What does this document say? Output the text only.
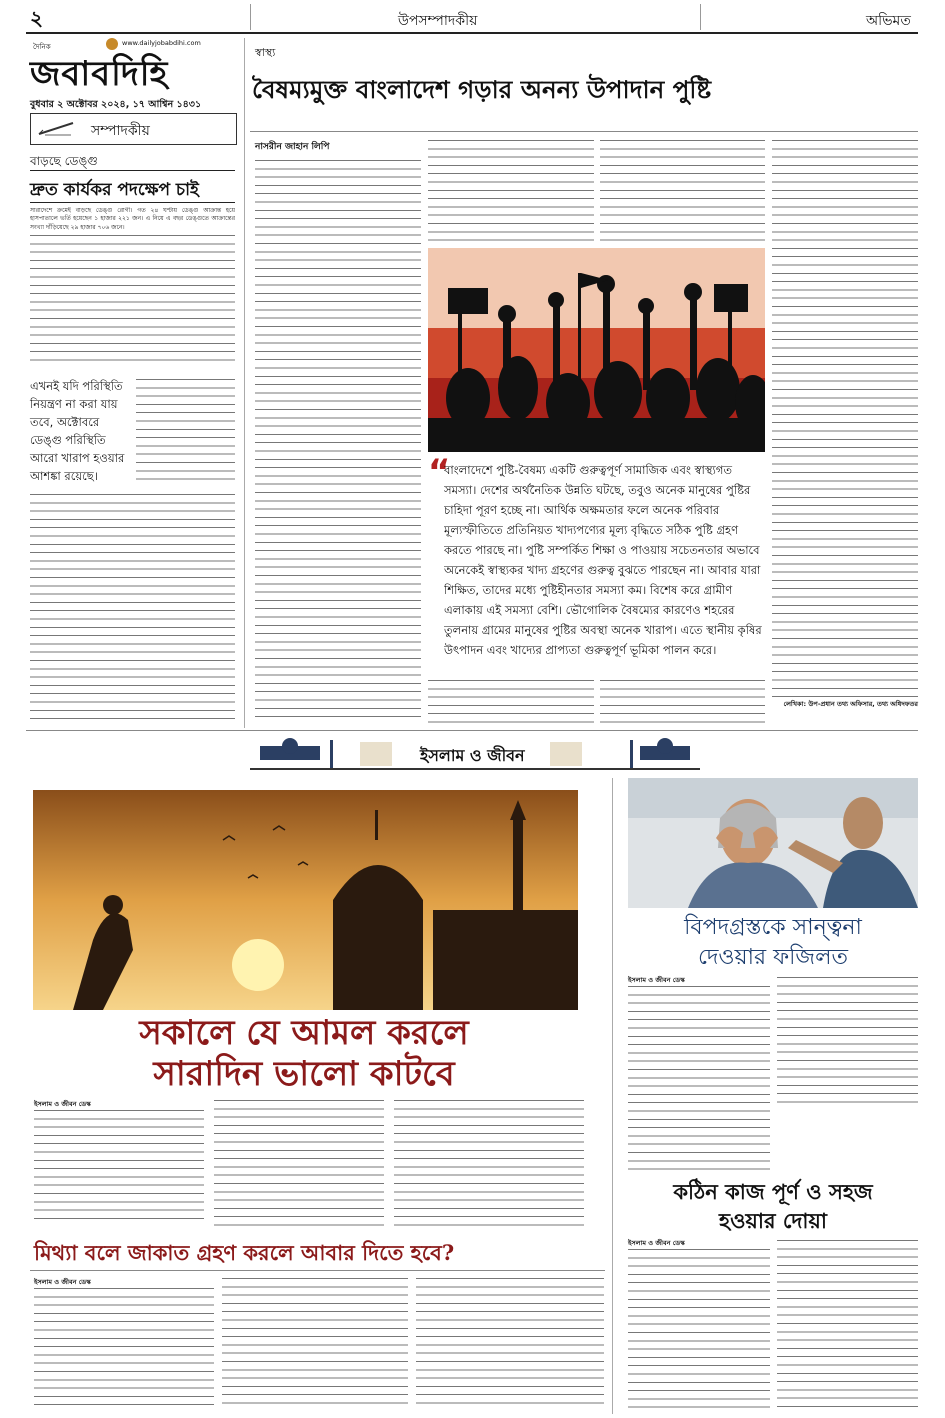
২	উপসম্পাদকীয়	অভিমত
দৈনিক	www.dailyjobabdihi.com
জবাবদিহি
বুধবার ২ অক্টোবর ২০২৪, ১৭ আশ্বিন ১৪৩১
সম্পাদকীয়
বাড়ছে ডেঙ্গু
দ্রুত কার্যকর পদক্ষেপ চাই
সারাদেশে ক্রমেই বাড়ছে ডেঙ্গু রোগী। গত ২৪ ঘণ্টায় ডেঙ্গু আক্রান্ত হয়ে হাসপাতালে ভর্তি হয়েছেন ১ হাজার ২২১ জন। এ নিয়ে এ বছর ডেঙ্গুতে আক্রান্তের সংখ্যা দাঁড়িয়েছে ২৯ হাজার ৭০৬ জনে।
এখনই যদি পরিস্থিতি নিয়ন্ত্রণ না করা যায় তবে, অক্টোবরে ডেঙ্গু পরিস্থিতি আরো খারাপ হওয়ার আশঙ্কা রয়েছে।
স্বাস্থ্য
বৈষম্যমুক্ত বাংলাদেশ গড়ার অনন্য উপাদান পুষ্টি
নাসরীন জাহান লিপি
“
বাংলাদেশে পুষ্টি-বৈষম্য একটি গুরুত্বপূর্ণ সামাজিক এবং স্বাস্থ্যগত সমস্যা। দেশের অর্থনৈতিক উন্নতি ঘটছে, তবুও অনেক মানুষের পুষ্টির চাহিদা পূরণ হচ্ছে না। আর্থিক অক্ষমতার ফলে অনেক পরিবার মূল্যস্ফীতিতে প্রতিনিয়ত খাদ্যপণ্যের মূল্য বৃদ্ধিতে সঠিক পুষ্টি গ্রহণ করতে পারছে না। পুষ্টি সম্পর্কিত শিক্ষা ও পাওয়ায় সচেতনতার অভাবে অনেকেই স্বাস্থ্যকর খাদ্য গ্রহণের গুরুত্ব বুঝতে পারছেন না। আবার যারা শিক্ষিত, তাদের মধ্যে পুষ্টিহীনতার সমস্যা কম। বিশেষ করে গ্রামীণ এলাকায় এই সমস্যা বেশি। ভৌগোলিক বৈষম্যের কারণেও শহরের তুলনায় গ্রামের মানুষের পুষ্টির অবস্থা অনেক খারাপ। এতে স্থানীয় কৃষির উৎপাদন এবং খাদ্যের প্রাপ্যতা গুরুত্বপূর্ণ ভূমিকা পালন করে।
লেখিকা: উপ-প্রধান তথ্য অফিসার, তথ্য অধিদফতর
ইসলাম ও জীবন
সকালে যে আমল করলে
সারাদিন ভালো কাটবে
ইসলাম ও জীবন ডেস্ক
মিথ্যা বলে জাকাত গ্রহণ করলে আবার দিতে হবে?
ইসলাম ও জীবন ডেস্ক
বিপদগ্রস্তকে সান্ত্বনা
দেওয়ার ফজিলত
ইসলাম ও জীবন ডেস্ক
কঠিন কাজ পূর্ণ ও সহজ
হওয়ার দোয়া
ইসলাম ও জীবন ডেস্ক
